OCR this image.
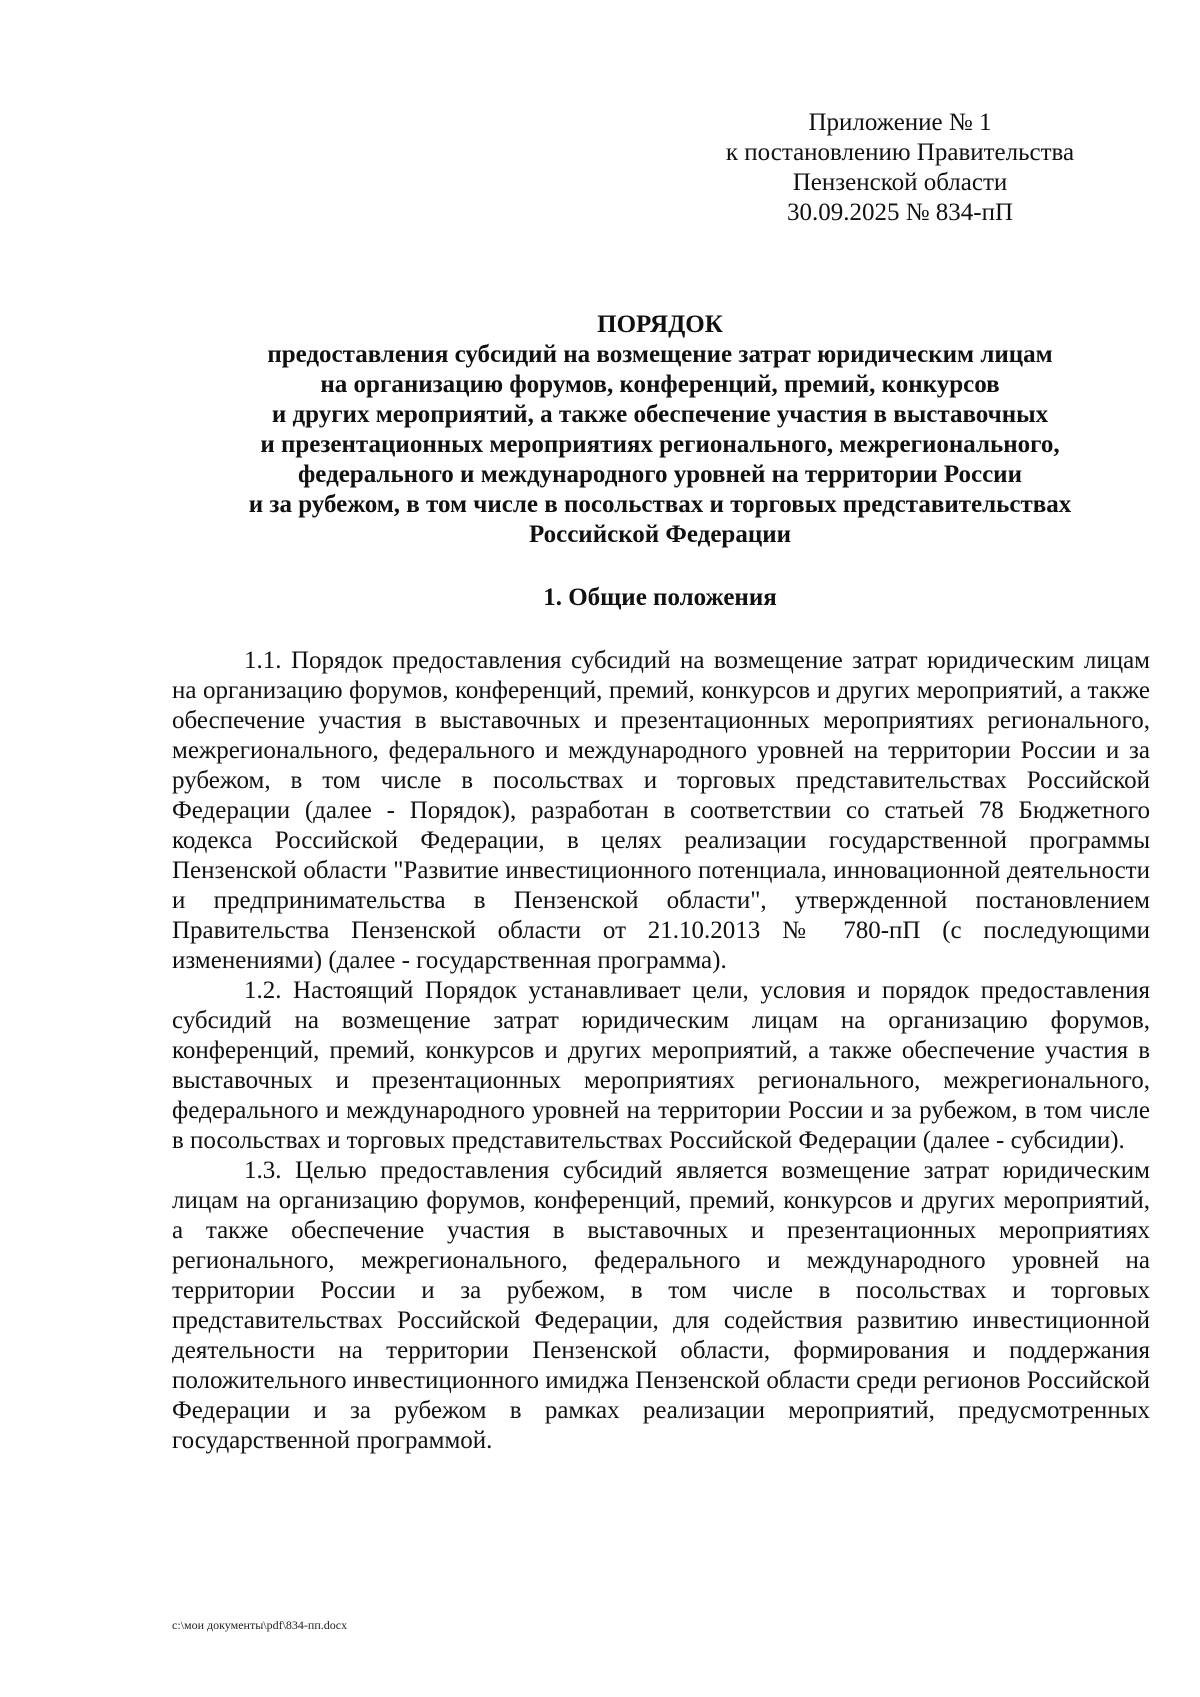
Приложение № 1
к постановлению Правительства
Пензенской области
30.09.2025 № 834-пП
ПОРЯДОК
предоставления субсидий на возмещение затрат юридическим лицам
на организацию форумов, конференций, премий, конкурсов
и других мероприятий, а также обеспечение участия в выставочных
и презентационных мероприятиях регионального, межрегионального,
федерального и международного уровней на территории России
и за рубежом, в том числе в посольствах и торговых представительствах
Российской Федерации
1. Общие положения

1.1. Порядок предоставления субсидий на возмещение затрат юридическим лицам на организацию форумов, конференций, премий, конкурсов и других мероприятий, а также обеспечение участия в выставочных и презентационных мероприятиях регионального, межрегионального, федерального и международного уровней на территории России и за рубежом, в том числе в посольствах и торговых представительствах Российской Федерации (далее - Порядок), разработан в соответствии со статьей 78 Бюджетного кодекса Российской Федерации, в целях реализации государственной программы Пензенской области "Развитие инвестиционного потенциала, инновационной деятельности и предпринимательства в Пензенской области", утвержденной постановлением Правительства Пензенской области от 21.10.2013 № 780-пП (с последующими изменениями) (далее - государственная программа).

1.2. Настоящий Порядок устанавливает цели, условия и порядок предоставления субсидий на возмещение затрат юридическим лицам на организацию форумов, конференций, премий, конкурсов и других мероприятий, а также обеспечение участия в выставочных и презентационных мероприятиях регионального, межрегионального, федерального и международного уровней на территории России и за рубежом, в том числе в посольствах и торговых представительствах Российской Федерации (далее - субсидии).

1.3. Целью предоставления субсидий является возмещение затрат юридическим лицам на организацию форумов, конференций, премий, конкурсов и других мероприятий, а также обеспечение участия в выставочных и презентационных мероприятиях регионального, межрегионального, федерального и международного уровней на территории России и за рубежом, в том числе в посольствах и торговых представительствах Российской Федерации, для содействия развитию инвестиционной деятельности на территории Пензенской области, формирования и поддержания положительного инвестиционного имиджа Пензенской области среди регионов Российской Федерации и за рубежом в рамках реализации мероприятий, предусмотренных государственной программой.

c:\мои документы\pdf\834-пп.docx
